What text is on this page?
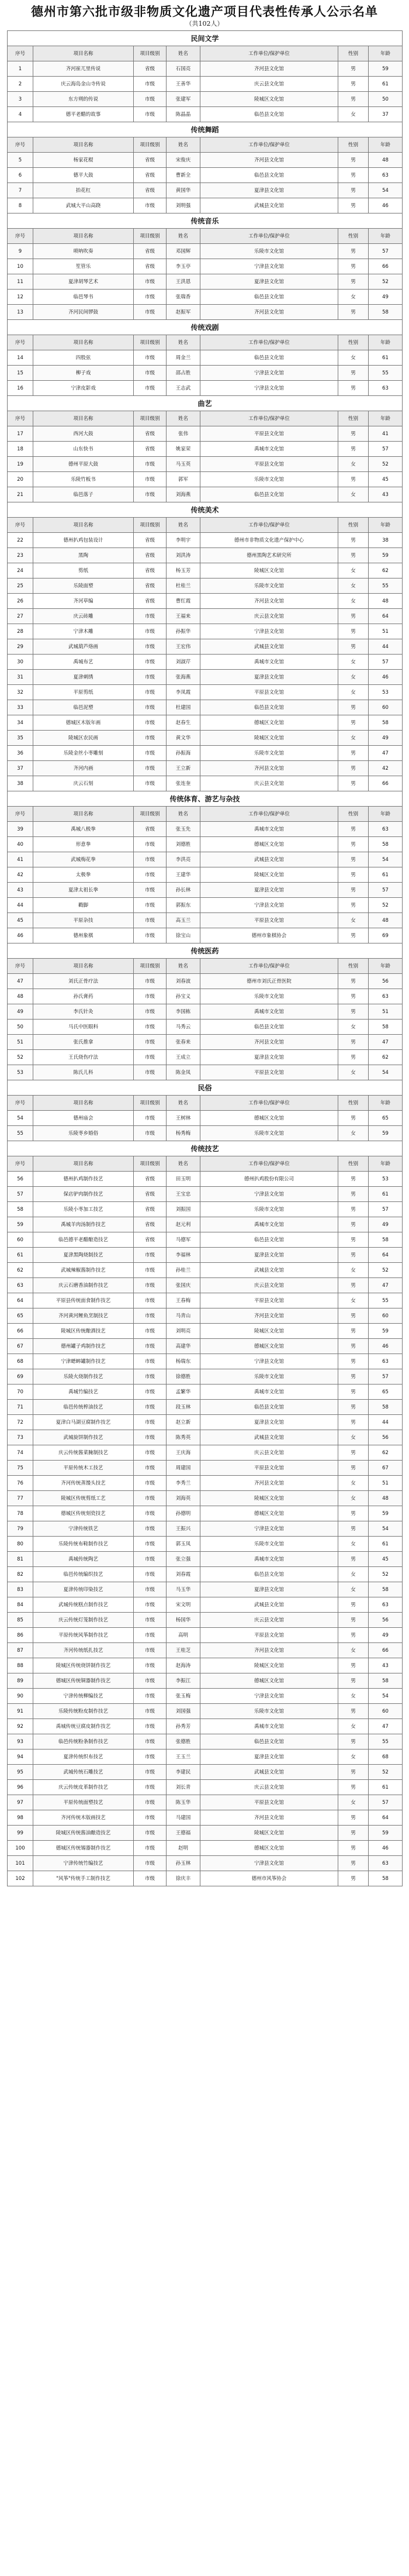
德州市第六批市级非物质文化遗产项目代表性传承人公示名单
（共102人）
民间文学						
序号	项目名称	项目级别	姓名	工作单位/保护单位	性别	年龄
1	齐河崔兀里传说	省级	石国亮	齐河县文化馆	男	59
2	庆云海岛金山寺传说	市级	王善华	庆云县文化馆	男	61
3	东方朔的传说	市级	张建军	陵城区文化馆	男	50
4	德平老醋的故事	市级	陈晶晶	临邑县文化馆	女	37
传统舞蹈						
序号	项目名称	项目级别	姓名	工作单位/保护单位	性别	年龄
5	杨家花棍	省级	宋俊庆	齐河县文化馆	男	48
6	德平大鼓	省级	曹新全	临邑县文化馆	男	63
7	抬花杠	省级	黄国华	夏津县文化馆	男	54
8	武城大平山高跷	市级	刘明强	武城县文化馆	男	46
传统音乐						
序号	项目名称	项目级别	姓名	工作单位/保护单位	性别	年龄
9	唢呐吹奏	省级	邓国辉	乐陵市文化馆	男	57
10	笙管乐	省级	李玉亭	宁津县文化馆	男	66
11	夏津胡琴艺术	市级	王洪恩	夏津县文化馆	男	52
12	临邑琴书	市级	张瑞香	临邑县文化馆	女	49
13	齐河民间锣鼓	市级	赵振军	齐河县文化馆	男	58
传统戏剧						
序号	项目名称	项目级别	姓名	工作单位/保护单位	性别	年龄
14	四股弦	市级	周金兰	临邑县文化馆	女	61
15	柳子戏	市级	邵占胜	宁津县文化馆	男	55
16	宁津皮影戏	市级	王志武	宁津县文化馆	男	63
曲艺						
序号	项目名称	项目级别	姓名	工作单位/保护单位	性别	年龄
17	西河大鼓	省级	张伟	平原县文化馆	男	41
18	山东快书	省级	姚家荣	禹城市文化馆	男	57
19	德州平原大鼓	市级	马玉英	平原县文化馆	女	52
20	乐陵竹板书	市级	郭军	乐陵市文化馆	男	45
21	临邑落子	市级	刘海燕	临邑县文化馆	女	43
传统美术						
序号	项目名称	项目级别	姓名	工作单位/保护单位	性别	年龄
22	德州扒鸡包装设计	省级	李明宇	德州市非物质文化遗产保护中心	男	38
23	黑陶	省级	刘洪涛	德州黑陶艺术研究所	男	59
24	剪纸	省级	杨玉芳	陵城区文化馆	女	62
25	乐陵面塑	省级	杜桂兰	乐陵市文化馆	女	55
26	齐河草编	省级	曹红霞	齐河县文化馆	女	48
27	庆云砖雕	市级	王福来	庆云县文化馆	男	64
28	宁津木雕	市级	孙振华	宁津县文化馆	男	51
29	武城葫芦烙画	市级	王宏伟	武城县文化馆	男	44
30	禹城布艺	市级	刘淑芹	禹城市文化馆	女	57
31	夏津刺绣	市级	张海燕	夏津县文化馆	女	46
32	平原剪纸	市级	李凤霞	平原县文化馆	女	53
33	临邑泥塑	市级	杜建国	临邑县文化馆	男	60
34	德城区木版年画	市级	赵春生	德城区文化馆	男	58
35	陵城区农民画	市级	黄文华	陵城区文化馆	女	49
36	乐陵金丝小枣雕刻	市级	孙振海	乐陵市文化馆	男	47
37	齐河内画	市级	王立新	齐河县文化馆	男	42
38	庆云石刻	市级	张连奎	庆云县文化馆	男	66
传统体育、游艺与杂技						
序号	项目名称	项目级别	姓名	工作单位/保护单位	性别	年龄
39	禹城八极拳	省级	张玉先	禹城市文化馆	男	63
40	形意拳	市级	刘德胜	德城区文化馆	男	58
41	武城梅花拳	市级	李洪亮	武城县文化馆	男	54
42	太极拳	市级	王建华	陵城区文化馆	男	61
43	夏津太祖长拳	市级	孙长林	夏津县文化馆	男	57
44	戳脚	市级	郭振东	宁津县文化馆	男	52
45	平原杂技	市级	高玉兰	平原县文化馆	女	48
46	德州象棋	市级	徐宝山	德州市象棋协会	男	69
传统医药						
序号	项目名称	项目级别	姓名	工作单位/保护单位	性别	年龄
47	刘氏正骨疗法	市级	刘春波	德州市刘氏正骨医院	男	56
48	孙氏膏药	市级	孙宝义	乐陵市文化馆	男	63
49	李氏针灸	市级	李国栋	禹城市文化馆	男	51
50	马氏中医眼科	市级	马秀云	临邑县文化馆	女	58
51	张氏推拿	市级	张春来	齐河县文化馆	男	47
52	王氏烧伤疗法	市级	王成立	夏津县文化馆	男	62
53	陈氏儿科	市级	陈金凤	平原县文化馆	女	54
民俗						
序号	项目名称	项目级别	姓名	工作单位/保护单位	性别	年龄
54	德州庙会	市级	王树林	德城区文化馆	男	65
55	乐陵枣乡婚俗	市级	杨秀梅	乐陵市文化馆	女	59
传统技艺						
序号	项目名称	项目级别	姓名	工作单位/保护单位	性别	年龄
56	德州扒鸡制作技艺	省级	田玉明	德州扒鸡股份有限公司	男	53
57	保店驴肉制作技艺	省级	王宝忠	宁津县文化馆	男	61
58	乐陵小枣加工技艺	省级	刘振国	乐陵市文化馆	男	57
59	禹城羊肉汤制作技艺	省级	赵元利	禹城市文化馆	男	49
60	临邑德平老醋酿造技艺	省级	马德军	临邑县文化馆	男	58
61	夏津黑陶烧制技艺	市级	李福林	夏津县文化馆	男	64
62	武城辣椒酱制作技艺	市级	孙桂兰	武城县文化馆	女	52
63	庆云石磨香油制作技艺	市级	张国庆	庆云县文化馆	男	47
64	平原县传统面食制作技艺	市级	王春梅	平原县文化馆	女	55
65	齐河黄河鲤鱼烹制技艺	市级	马青山	齐河县文化馆	男	60
66	陵城区传统酿酒技艺	市级	刘明亮	陵城区文化馆	男	59
67	德州罐子鸡制作技艺	市级	高建华	德城区文化馆	男	46
68	宁津蟋蟀罐制作技艺	市级	杨瑞东	宁津县文化馆	男	63
69	乐陵火烧制作技艺	市级	徐德胜	乐陵市文化馆	男	57
70	禹城竹编技艺	市级	孟繁华	禹城市文化馆	男	65
71	临邑传统榨油技艺	市级	段玉林	临邑县文化馆	男	58
72	夏津白马湖豆腐制作技艺	市级	赵立新	夏津县文化馆	男	44
73	武城旋饼制作技艺	市级	陈秀英	武城县文化馆	女	56
74	庆云传统酱菜腌制技艺	市级	王庆海	庆云县文化馆	男	62
75	平原传统木工技艺	市级	周建国	平原县文化馆	男	67
76	齐河传统蒸馒头技艺	市级	李秀兰	齐河县文化馆	女	51
77	陵城区传统剪纸工艺	市级	刘海英	陵城区文化馆	女	48
78	德城区传统刻瓷技艺	市级	孙德明	德城区文化馆	男	59
79	宁津传统铁艺	市级	王振兴	宁津县文化馆	男	54
80	乐陵传统布鞋制作技艺	市级	郭玉凤	乐陵市文化馆	女	61
81	禹城传统陶艺	市级	张立强	禹城市文化馆	男	45
82	临邑传统编织技艺	市级	刘春霞	临邑县文化馆	女	52
83	夏津传统印染技艺	市级	马玉华	夏津县文化馆	女	58
84	武城传统糕点制作技艺	市级	宋文明	武城县文化馆	男	63
85	庆云传统灯笼制作技艺	市级	杨国华	庆云县文化馆	男	56
86	平原传统风筝制作技艺	市级	高明	平原县文化馆	男	49
87	齐河传统纸扎技艺	市级	王桂芝	齐河县文化馆	女	66
88	陵城区传统烧饼制作技艺	市级	赵海涛	陵城区文化馆	男	43
89	德城区传统铜器制作技艺	市级	李振江	德城区文化馆	男	58
90	宁津传统柳编技艺	市级	张玉梅	宁津县文化馆	女	54
91	乐陵传统粉皮制作技艺	市级	刘国强	乐陵市文化馆	男	60
92	禹城传统豆腐皮制作技艺	市级	孙秀芳	禹城市文化馆	女	47
93	临邑传统粉条制作技艺	市级	张德胜	临邑县文化馆	男	55
94	夏津传统织布技艺	市级	王玉兰	夏津县文化馆	女	68
95	武城传统石雕技艺	市级	李建民	武城县文化馆	男	52
96	庆云传统皮革制作技艺	市级	刘长青	庆云县文化馆	男	61
97	平原传统面塑技艺	市级	陈玉华	平原县文化馆	女	57
98	齐河传统木版画技艺	市级	马建国	齐河县文化馆	男	64
99	陵城区传统酱油酿造技艺	市级	王德福	陵城区文化馆	男	59
100	德城区传统锡器制作技艺	市级	赵明	德城区文化馆	男	46
101	宁津传统竹编技艺	市级	孙玉林	宁津县文化馆	男	63
102	"风筝"传统手工制作技艺	市级	徐庆丰	德州市风筝协会	男	58
